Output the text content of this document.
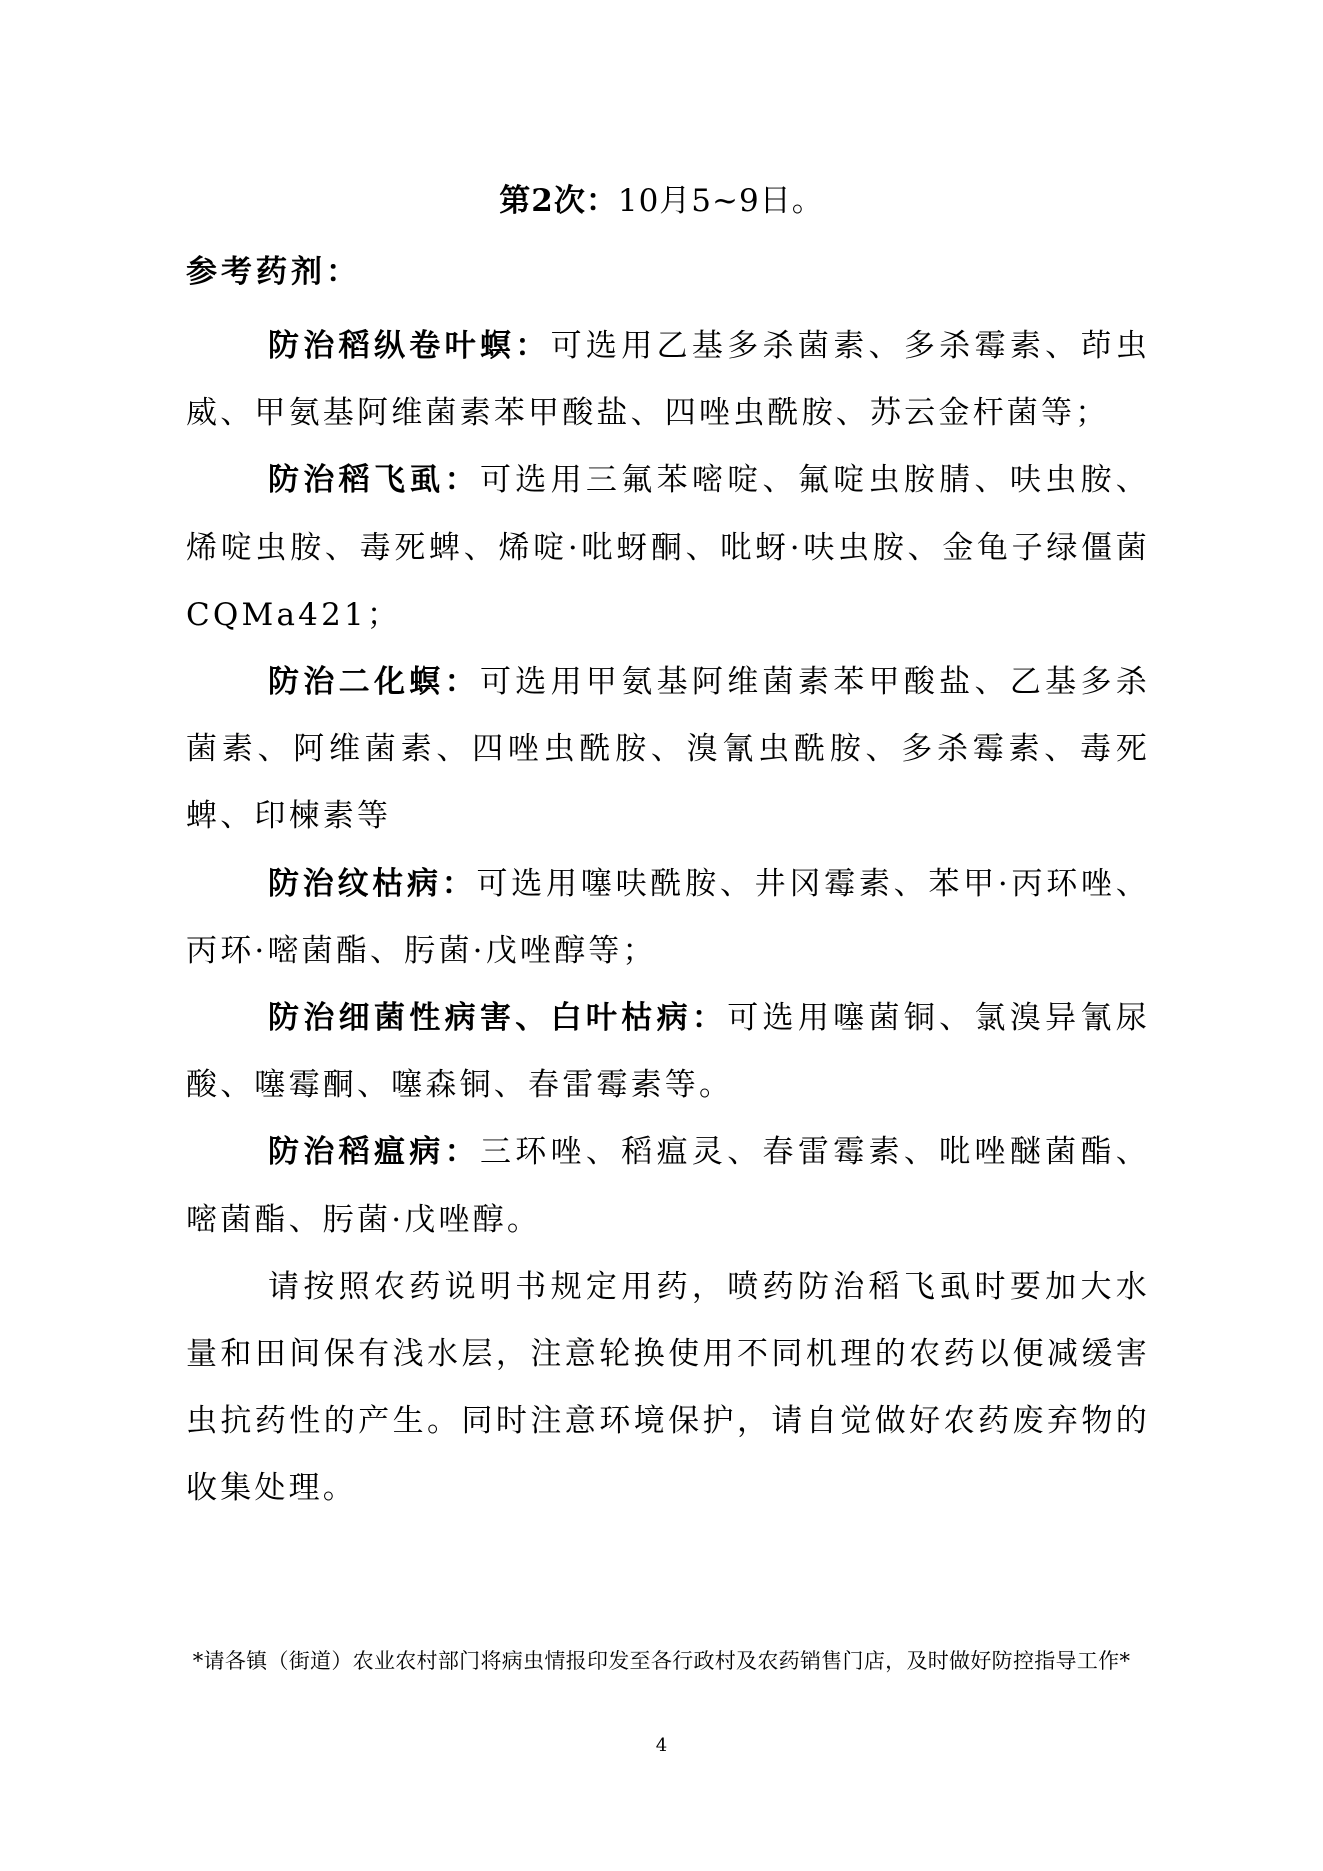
第2次：10月5~9日。
参考药剂：

防治稻纵卷叶螟：可选用乙基多杀菌素、多杀霉素、茚虫威、甲氨基阿维菌素苯甲酸盐、四唑虫酰胺、苏云金杆菌等；

防治稻飞虱：可选用三氟苯嘧啶、氟啶虫胺腈、呋虫胺、烯啶虫胺、毒死蜱、烯啶·吡蚜酮、吡蚜·呋虫胺、金龟子绿僵菌CQMa421；

防治二化螟：可选用甲氨基阿维菌素苯甲酸盐、乙基多杀菌素、阿维菌素、四唑虫酰胺、溴氰虫酰胺、多杀霉素、毒死蜱、印楝素等

防治纹枯病：可选用噻呋酰胺、井冈霉素、苯甲·丙环唑、丙环·嘧菌酯、肟菌·戊唑醇等；

防治细菌性病害、白叶枯病：可选用噻菌铜、氯溴异氰尿酸、噻霉酮、噻森铜、春雷霉素等。

防治稻瘟病：三环唑、稻瘟灵、春雷霉素、吡唑醚菌酯、嘧菌酯、肟菌·戊唑醇。

请按照农药说明书规定用药，喷药防治稻飞虱时要加大水量和田间保有浅水层，注意轮换使用不同机理的农药以便减缓害虫抗药性的产生。同时注意环境保护，请自觉做好农药废弃物的收集处理。

*请各镇（街道）农业农村部门将病虫情报印发至各行政村及农药销售门店，及时做好防控指导工作*
4
